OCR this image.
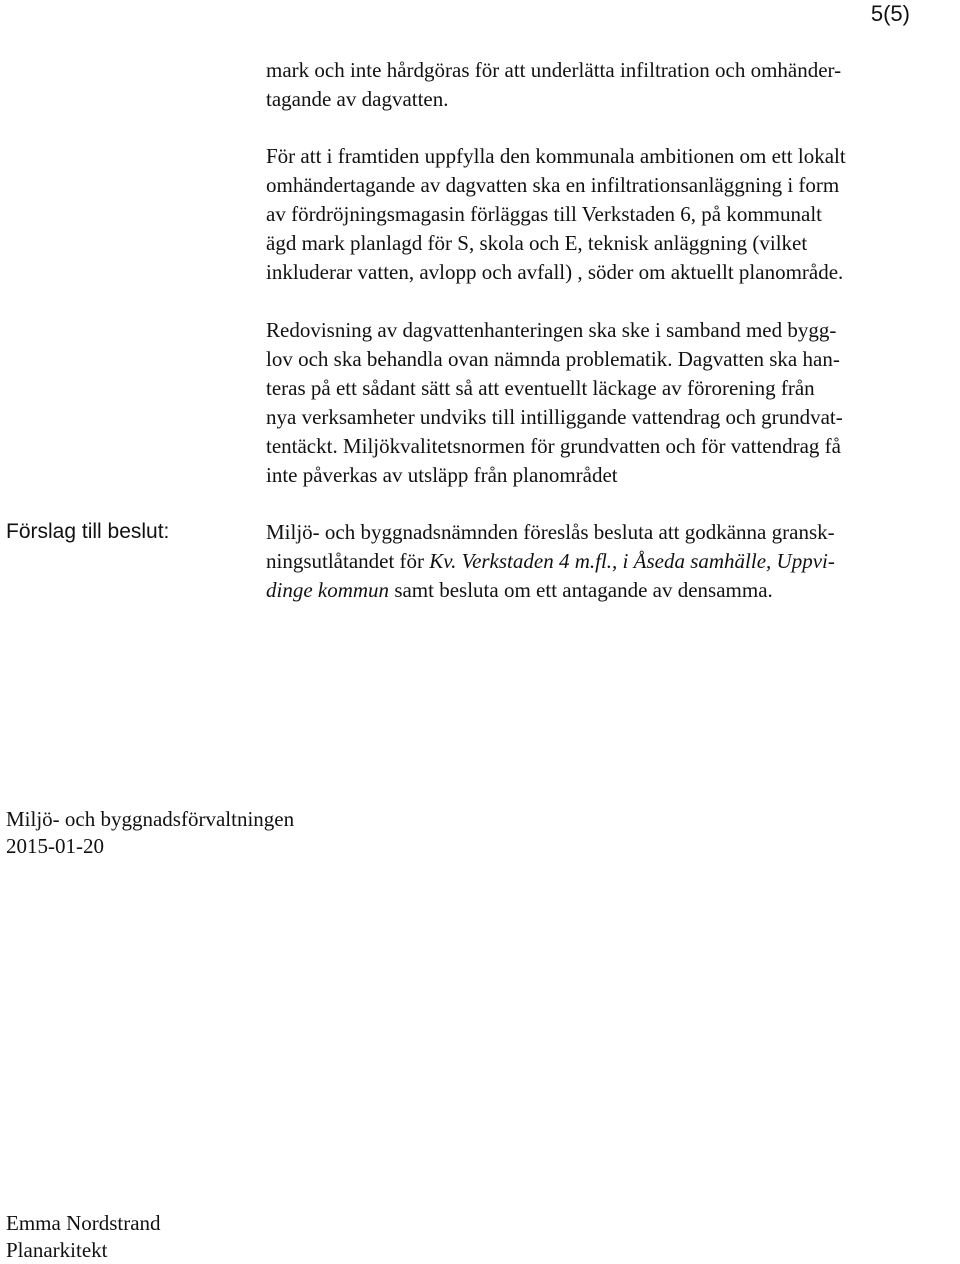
5(5)
mark och inte hårdgöras för att underlätta infiltration och omhänder-
tagande av dagvatten.
För att i framtiden uppfylla den kommunala ambitionen om ett lokalt
omhändertagande av dagvatten ska en infiltrationsanläggning i form
av fördröjningsmagasin förläggas till Verkstaden 6, på kommunalt
ägd mark planlagd för S, skola och E, teknisk anläggning (vilket
inkluderar vatten, avlopp och avfall) , söder om aktuellt planområde.
Redovisning av dagvattenhanteringen ska ske i samband med bygg-
lov och ska behandla ovan nämnda problematik. Dagvatten ska han-
teras på ett sådant sätt så att eventuellt läckage av förorening från
nya verksamheter undviks till intilliggande vattendrag och grundvat-
tentäckt. Miljökvalitetsnormen för grundvatten och för vattendrag få
inte påverkas av utsläpp från planområdet
Förslag till beslut:	Miljö- och byggnadsnämnden föreslås besluta att godkänna gransk-
ningsutlåtandet för Kv. Verkstaden 4 m.fl., i Åseda samhälle, Uppvi-
dinge kommun samt besluta om ett antagande av densamma.
Miljö- och byggnadsförvaltningen
2015-01-20
Emma Nordstrand
Planarkitekt
